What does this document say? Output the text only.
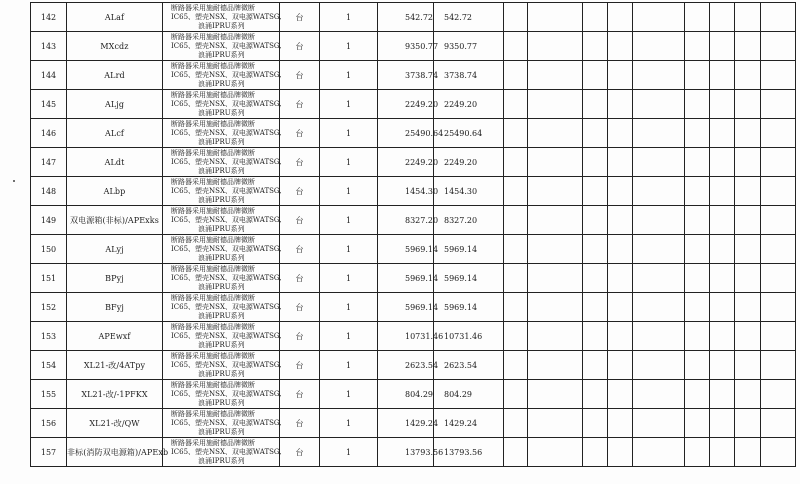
142	ALaf	断路器采用施耐德品牌微断
IC65、塑壳NSX、双电源WATSG,
浪涌IPRU系列	台	1	542.72	542.72									
143	MXcdz	断路器采用施耐德品牌微断
IC65、塑壳NSX、双电源WATSG,
浪涌IPRU系列	台	1	9350.77	9350.77									
144	ALrd	断路器采用施耐德品牌微断
IC65、塑壳NSX、双电源WATSG,
浪涌IPRU系列	台	1	3738.74	3738.74									
145	ALjg	断路器采用施耐德品牌微断
IC65、塑壳NSX、双电源WATSG,
浪涌IPRU系列	台	1	2249.20	2249.20									
146	ALcf	断路器采用施耐德品牌微断
IC65、塑壳NSX、双电源WATSG,
浪涌IPRU系列	台	1	25490.64	25490.64									
147	ALdt	断路器采用施耐德品牌微断
IC65、塑壳NSX、双电源WATSG,
浪涌IPRU系列	台	1	2249.20	2249.20									
148	ALbp	断路器采用施耐德品牌微断
IC65、塑壳NSX、双电源WATSG,
浪涌IPRU系列	台	1	1454.30	1454.30									
149	双电源箱(非标)/APExks	断路器采用施耐德品牌微断
IC65、塑壳NSX、双电源WATSG,
浪涌IPRU系列	台	1	8327.20	8327.20									
150	ALyj	断路器采用施耐德品牌微断
IC65、塑壳NSX、双电源WATSG,
浪涌IPRU系列	台	1	5969.14	5969.14									
151	BPyj	断路器采用施耐德品牌微断
IC65、塑壳NSX、双电源WATSG,
浪涌IPRU系列	台	1	5969.14	5969.14									
152	BFyj	断路器采用施耐德品牌微断
IC65、塑壳NSX、双电源WATSG,
浪涌IPRU系列	台	1	5969.14	5969.14									
153	APEwxf	断路器采用施耐德品牌微断
IC65、塑壳NSX、双电源WATSG,
浪涌IPRU系列	台	1	10731.46	10731.46									
154	XL21-改/4ATpy	断路器采用施耐德品牌微断
IC65、塑壳NSX、双电源WATSG,
浪涌IPRU系列	台	1	2623.54	2623.54									
155	XL21-改/-1PFKX	断路器采用施耐德品牌微断
IC65、塑壳NSX、双电源WATSG,
浪涌IPRU系列	台	1	804.29	804.29									
156	XL21-改/QW	断路器采用施耐德品牌微断
IC65、塑壳NSX、双电源WATSG,
浪涌IPRU系列	台	1	1429.24	1429.24									
157	非标(消防双电源箱)/APExb	断路器采用施耐德品牌微断
IC65、塑壳NSX、双电源WATSG,
浪涌IPRU系列	台	1	13793.56	13793.56									
